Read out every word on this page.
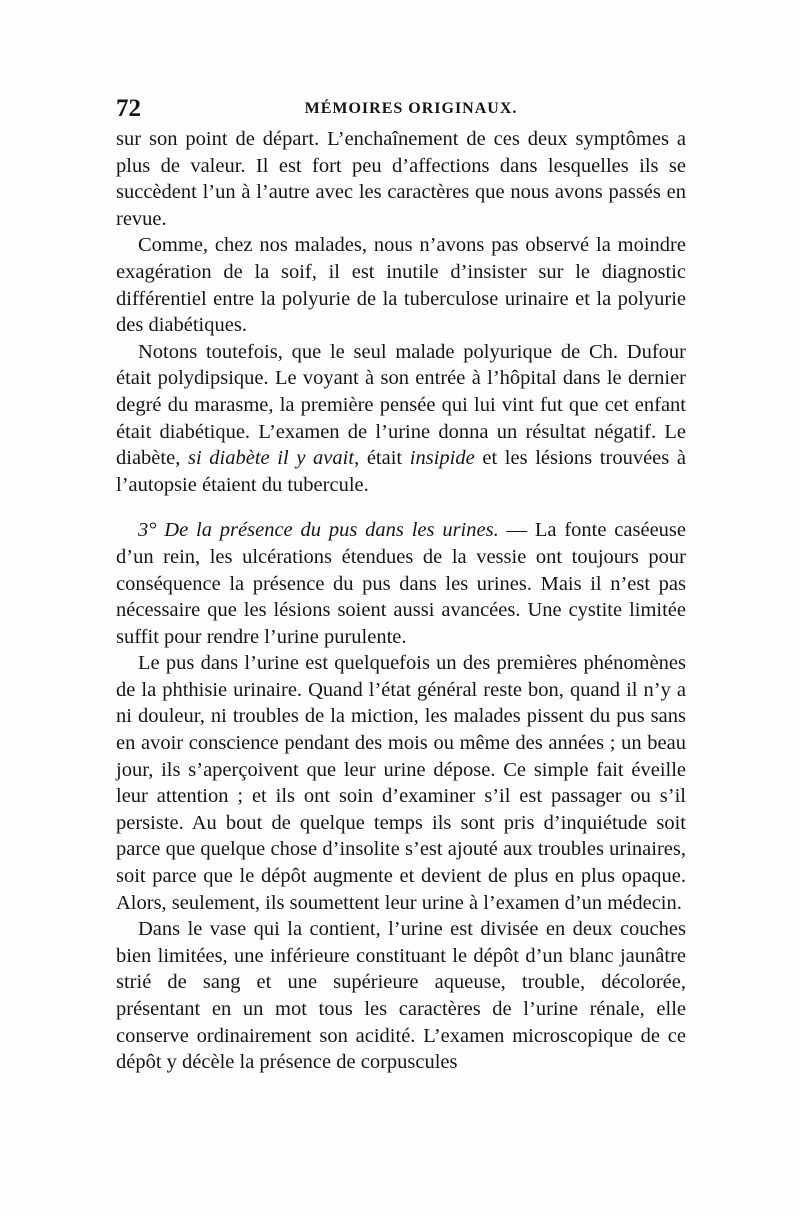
72	MÉMOIRES ORIGINAUX.

sur son point de départ. L’enchaînement de ces deux symptômes a plus de valeur. Il est fort peu d’affections dans lesquelles ils se succèdent l’un à l’autre avec les caractères que nous avons passés en revue.

Comme, chez nos malades, nous n’avons pas observé la moindre exagération de la soif, il est inutile d’insister sur le diagnostic différentiel entre la polyurie de la tuberculose urinaire et la polyurie des diabétiques.

Notons toutefois, que le seul malade polyurique de Ch. Dufour était polydipsique. Le voyant à son entrée à l’hôpital dans le dernier degré du marasme, la première pensée qui lui vint fut que cet enfant était diabétique. L’examen de l’urine donna un résultat négatif. Le diabète, si diabète il y avait, était insipide et les lésions trouvées à l’autopsie étaient du tubercule.

3° De la présence du pus dans les urines. — La fonte caséeuse d’un rein, les ulcérations étendues de la vessie ont toujours pour conséquence la présence du pus dans les urines. Mais il n’est pas nécessaire que les lésions soient aussi avancées. Une cystite limitée suffit pour rendre l’urine purulente.

Le pus dans l’urine est quelquefois un des premières phénomènes de la phthisie urinaire. Quand l’état général reste bon, quand il n’y a ni douleur, ni troubles de la miction, les malades pissent du pus sans en avoir conscience pendant des mois ou même des années ; un beau jour, ils s’aperçoivent que leur urine dépose. Ce simple fait éveille leur attention ; et ils ont soin d’examiner s’il est passager ou s’il persiste. Au bout de quelque temps ils sont pris d’inquiétude soit parce que quelque chose d’insolite s’est ajouté aux troubles urinaires, soit parce que le dépôt augmente et devient de plus en plus opaque. Alors, seulement, ils soumettent leur urine à l’examen d’un médecin.

Dans le vase qui la contient, l’urine est divisée en deux couches bien limitées, une inférieure constituant le dépôt d’un blanc jaunâtre strié de sang et une supérieure aqueuse, trouble, décolorée, présentant en un mot tous les caractères de l’urine rénale, elle conserve ordinairement son acidité. L’examen microscopique de ce dépôt y décèle la présence de corpuscules
